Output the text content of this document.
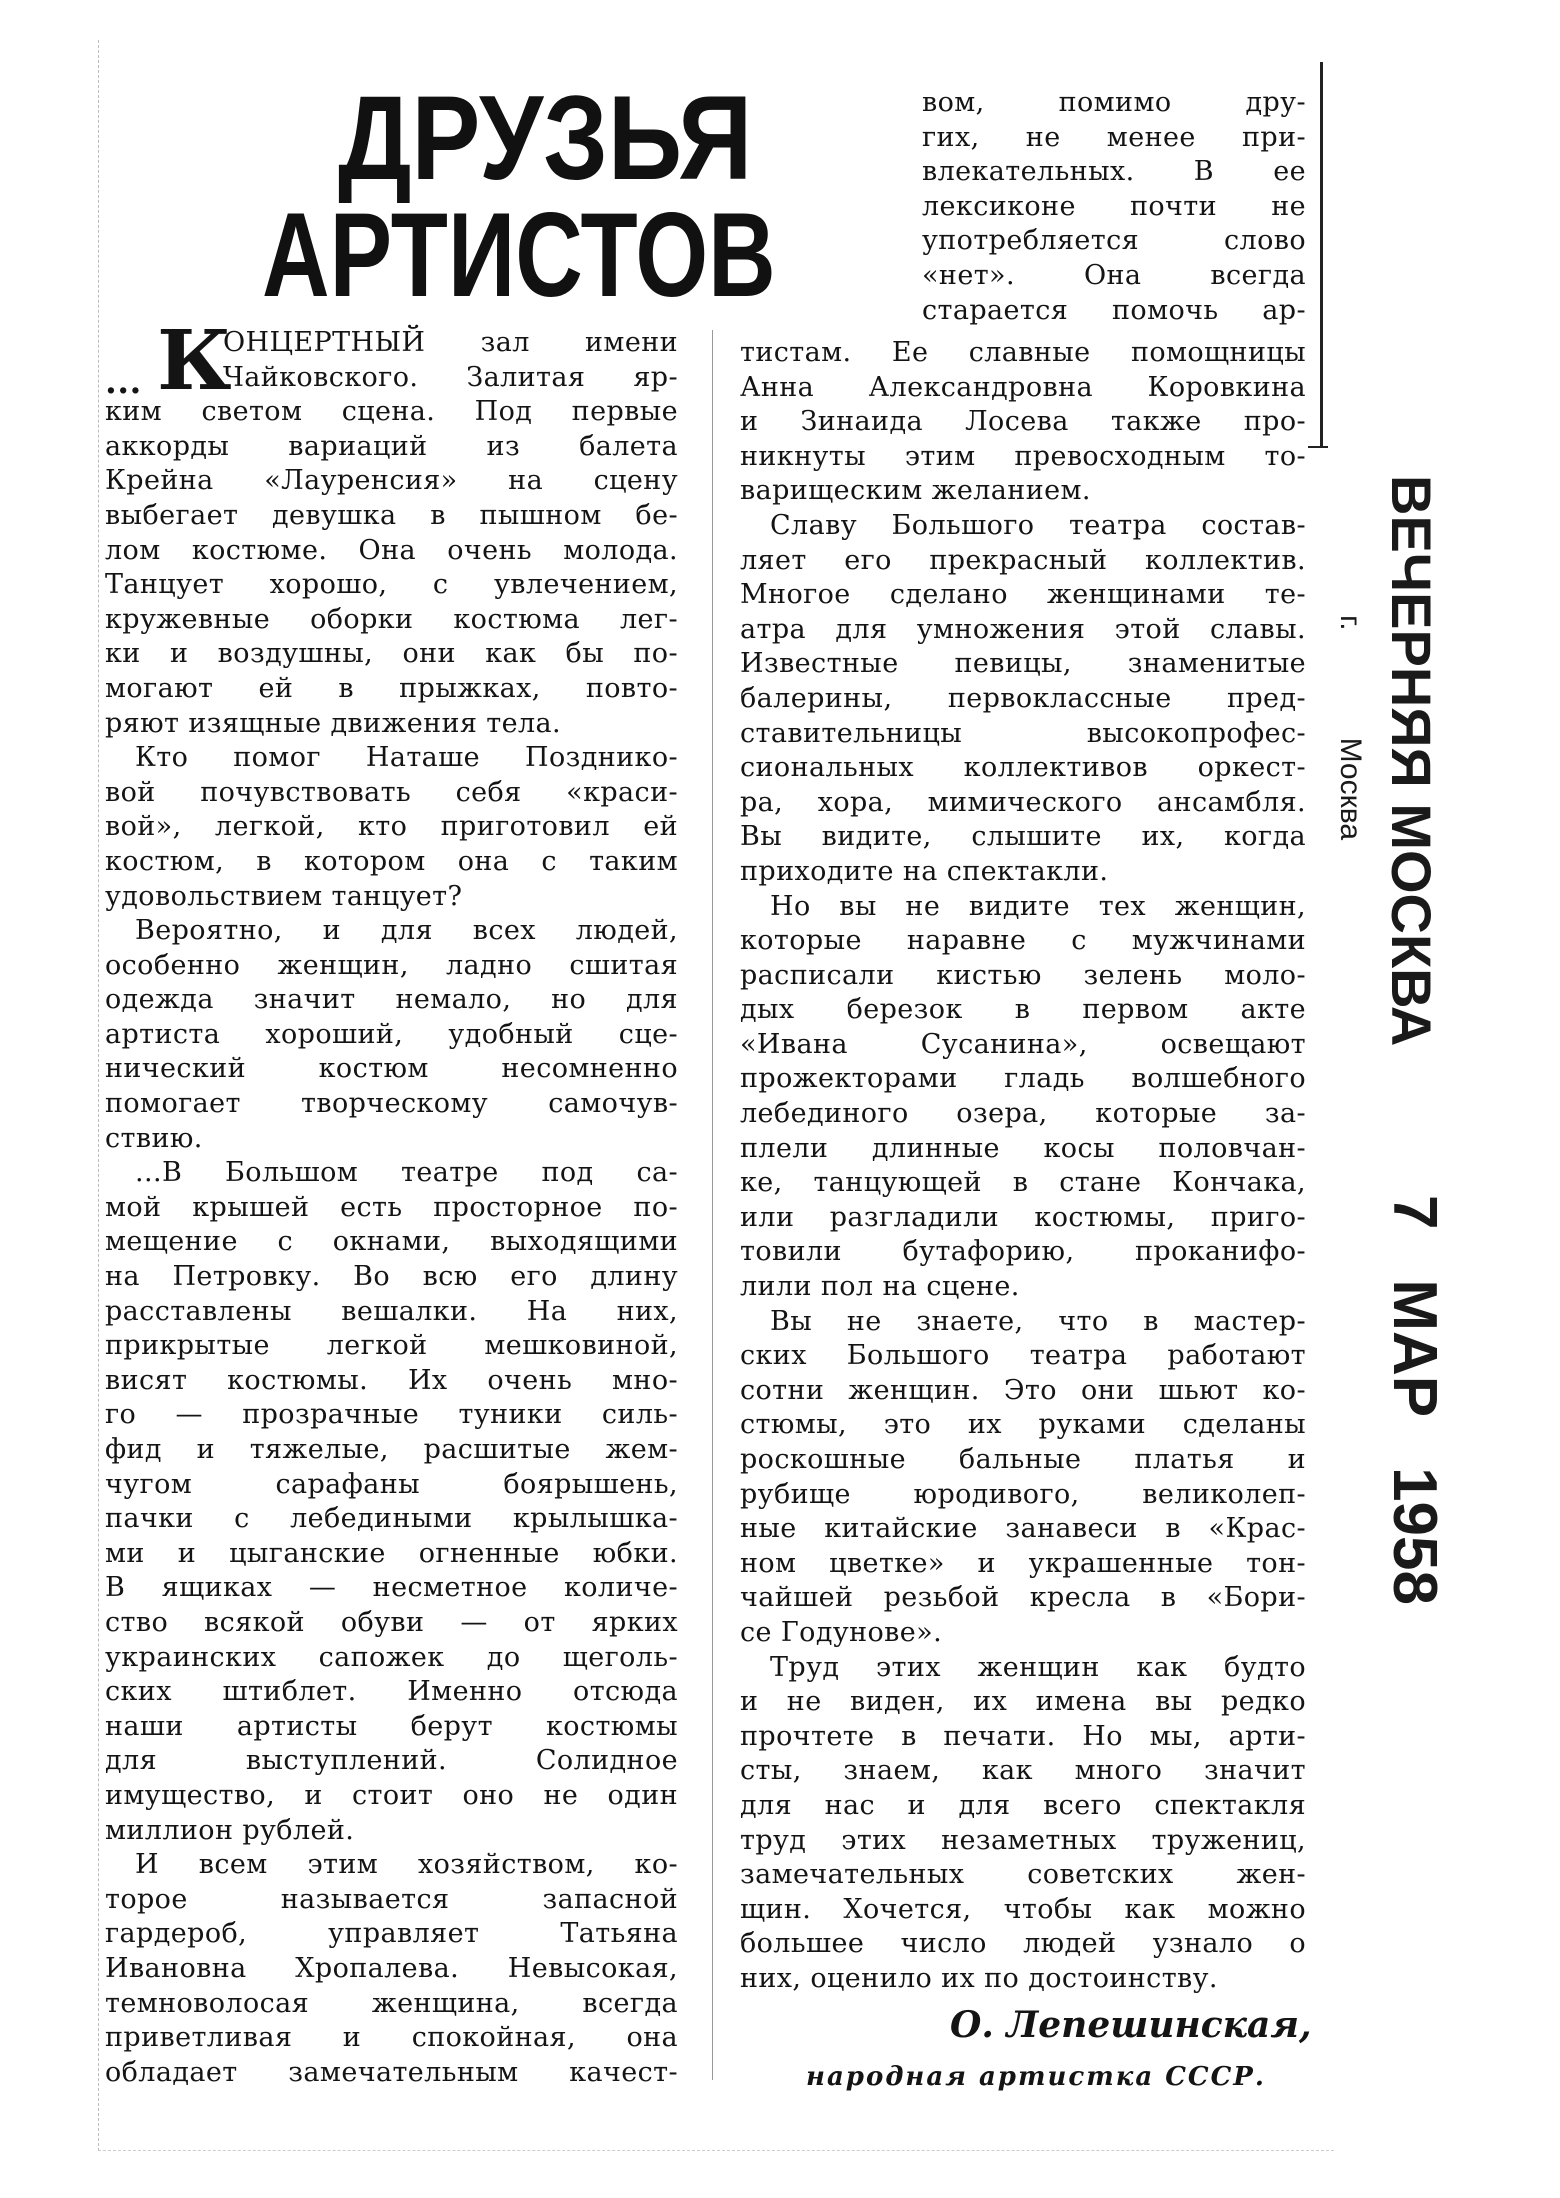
ДРУЗЬЯ
АРТИСТОВ
... К
ОНЦЕРТНЫЙ зал имени
Чайковского. Залитая яр-
ким светом сцена. Под первые
аккорды вариаций из балета
Крейна «Лауренсия» на сцену
выбегает девушка в пышном бе-
лом костюме. Она очень молода.
Танцует хорошо, с увлечением,
кружевные оборки костюма лег-
ки и воздушны, они как бы по-
могают ей в прыжках, повто-
ряют изящные движения тела.
Кто помог Наташе Позднико-
вой почувствовать себя «краси-
вой», легкой, кто приготовил ей
костюм, в котором она с таким
удовольствием танцует?
Вероятно, и для всех людей,
особенно женщин, ладно сшитая
одежда значит немало, но для
артиста хороший, удобный сце-
нический костюм несомненно
помогает творческому самочув-
ствию.
...В Большом театре под са-
мой крышей есть просторное по-
мещение с окнами, выходящими
на Петровку. Во всю его длину
расставлены вешалки. На них,
прикрытые легкой мешковиной,
висят костюмы. Их очень мно-
го — прозрачные туники силь-
фид и тяжелые, расшитые жем-
чугом сарафаны боярышень,
пачки с лебедиными крылышка-
ми и цыганские огненные юбки.
В ящиках — несметное количе-
ство всякой обуви — от ярких
украинских сапожек до щеголь-
ских штиблет. Именно отсюда
наши артисты берут костюмы
для выступлений. Солидное
имущество, и стоит оно не один
миллион рублей.
И всем этим хозяйством, ко-
торое называется запасной
гардероб, управляет Татьяна
Ивановна Хропалева. Невысокая,
темноволосая женщина, всегда
приветливая и спокойная, она
обладает замечательным качест-
вом, помимо дру-
гих, не менее при-
влекательных. В ее
лексиконе почти не
употребляется слово
«нет». Она всегда
старается помочь ар-
тистам. Ее славные помощницы
Анна Александровна Коровкина
и Зинаида Лосева также про-
никнуты этим превосходным то-
варищеским желанием.
Славу Большого театра состав-
ляет его прекрасный коллектив.
Многое сделано женщинами те-
атра для умножения этой славы.
Известные певицы, знаменитые
балерины, первоклассные пред-
ставительницы высокопрофес-
сиональных коллективов оркест-
ра, хора, мимического ансамбля.
Вы видите, слышите их, когда
приходите на спектакли.
Но вы не видите тех женщин,
которые наравне с мужчинами
расписали кистью зелень моло-
дых березок в первом акте
«Ивана Сусанина», освещают
прожекторами гладь волшебного
лебединого озера, которые за-
плели длинные косы половчан-
ке, танцующей в стане Кончака,
или разгладили костюмы, приго-
товили бутафорию, проканифо-
лили пол на сцене.
Вы не знаете, что в мастер-
ских Большого театра работают
сотни женщин. Это они шьют ко-
стюмы, это их руками сделаны
роскошные бальные платья и
рубище юродивого, великолеп-
ные китайские занавеси в «Крас-
ном цветке» и украшенные тон-
чайшей резьбой кресла в «Бори-
се Годунове».
Труд этих женщин как будто
и не виден, их имена вы редко
прочтете в печати. Но мы, арти-
сты, знаем, как много значит
для нас и для всего спектакля
труд этих незаметных тружениц,
замечательных советских жен-
щин. Хочется, чтобы как можно
большее число людей узнало о
них, оценило их по достоинству.
О. Лепешинская,
народная артистка СССР.
ВЕЧЕРНЯЯ МОСКВА
г. Москва
7 МАР 1958
